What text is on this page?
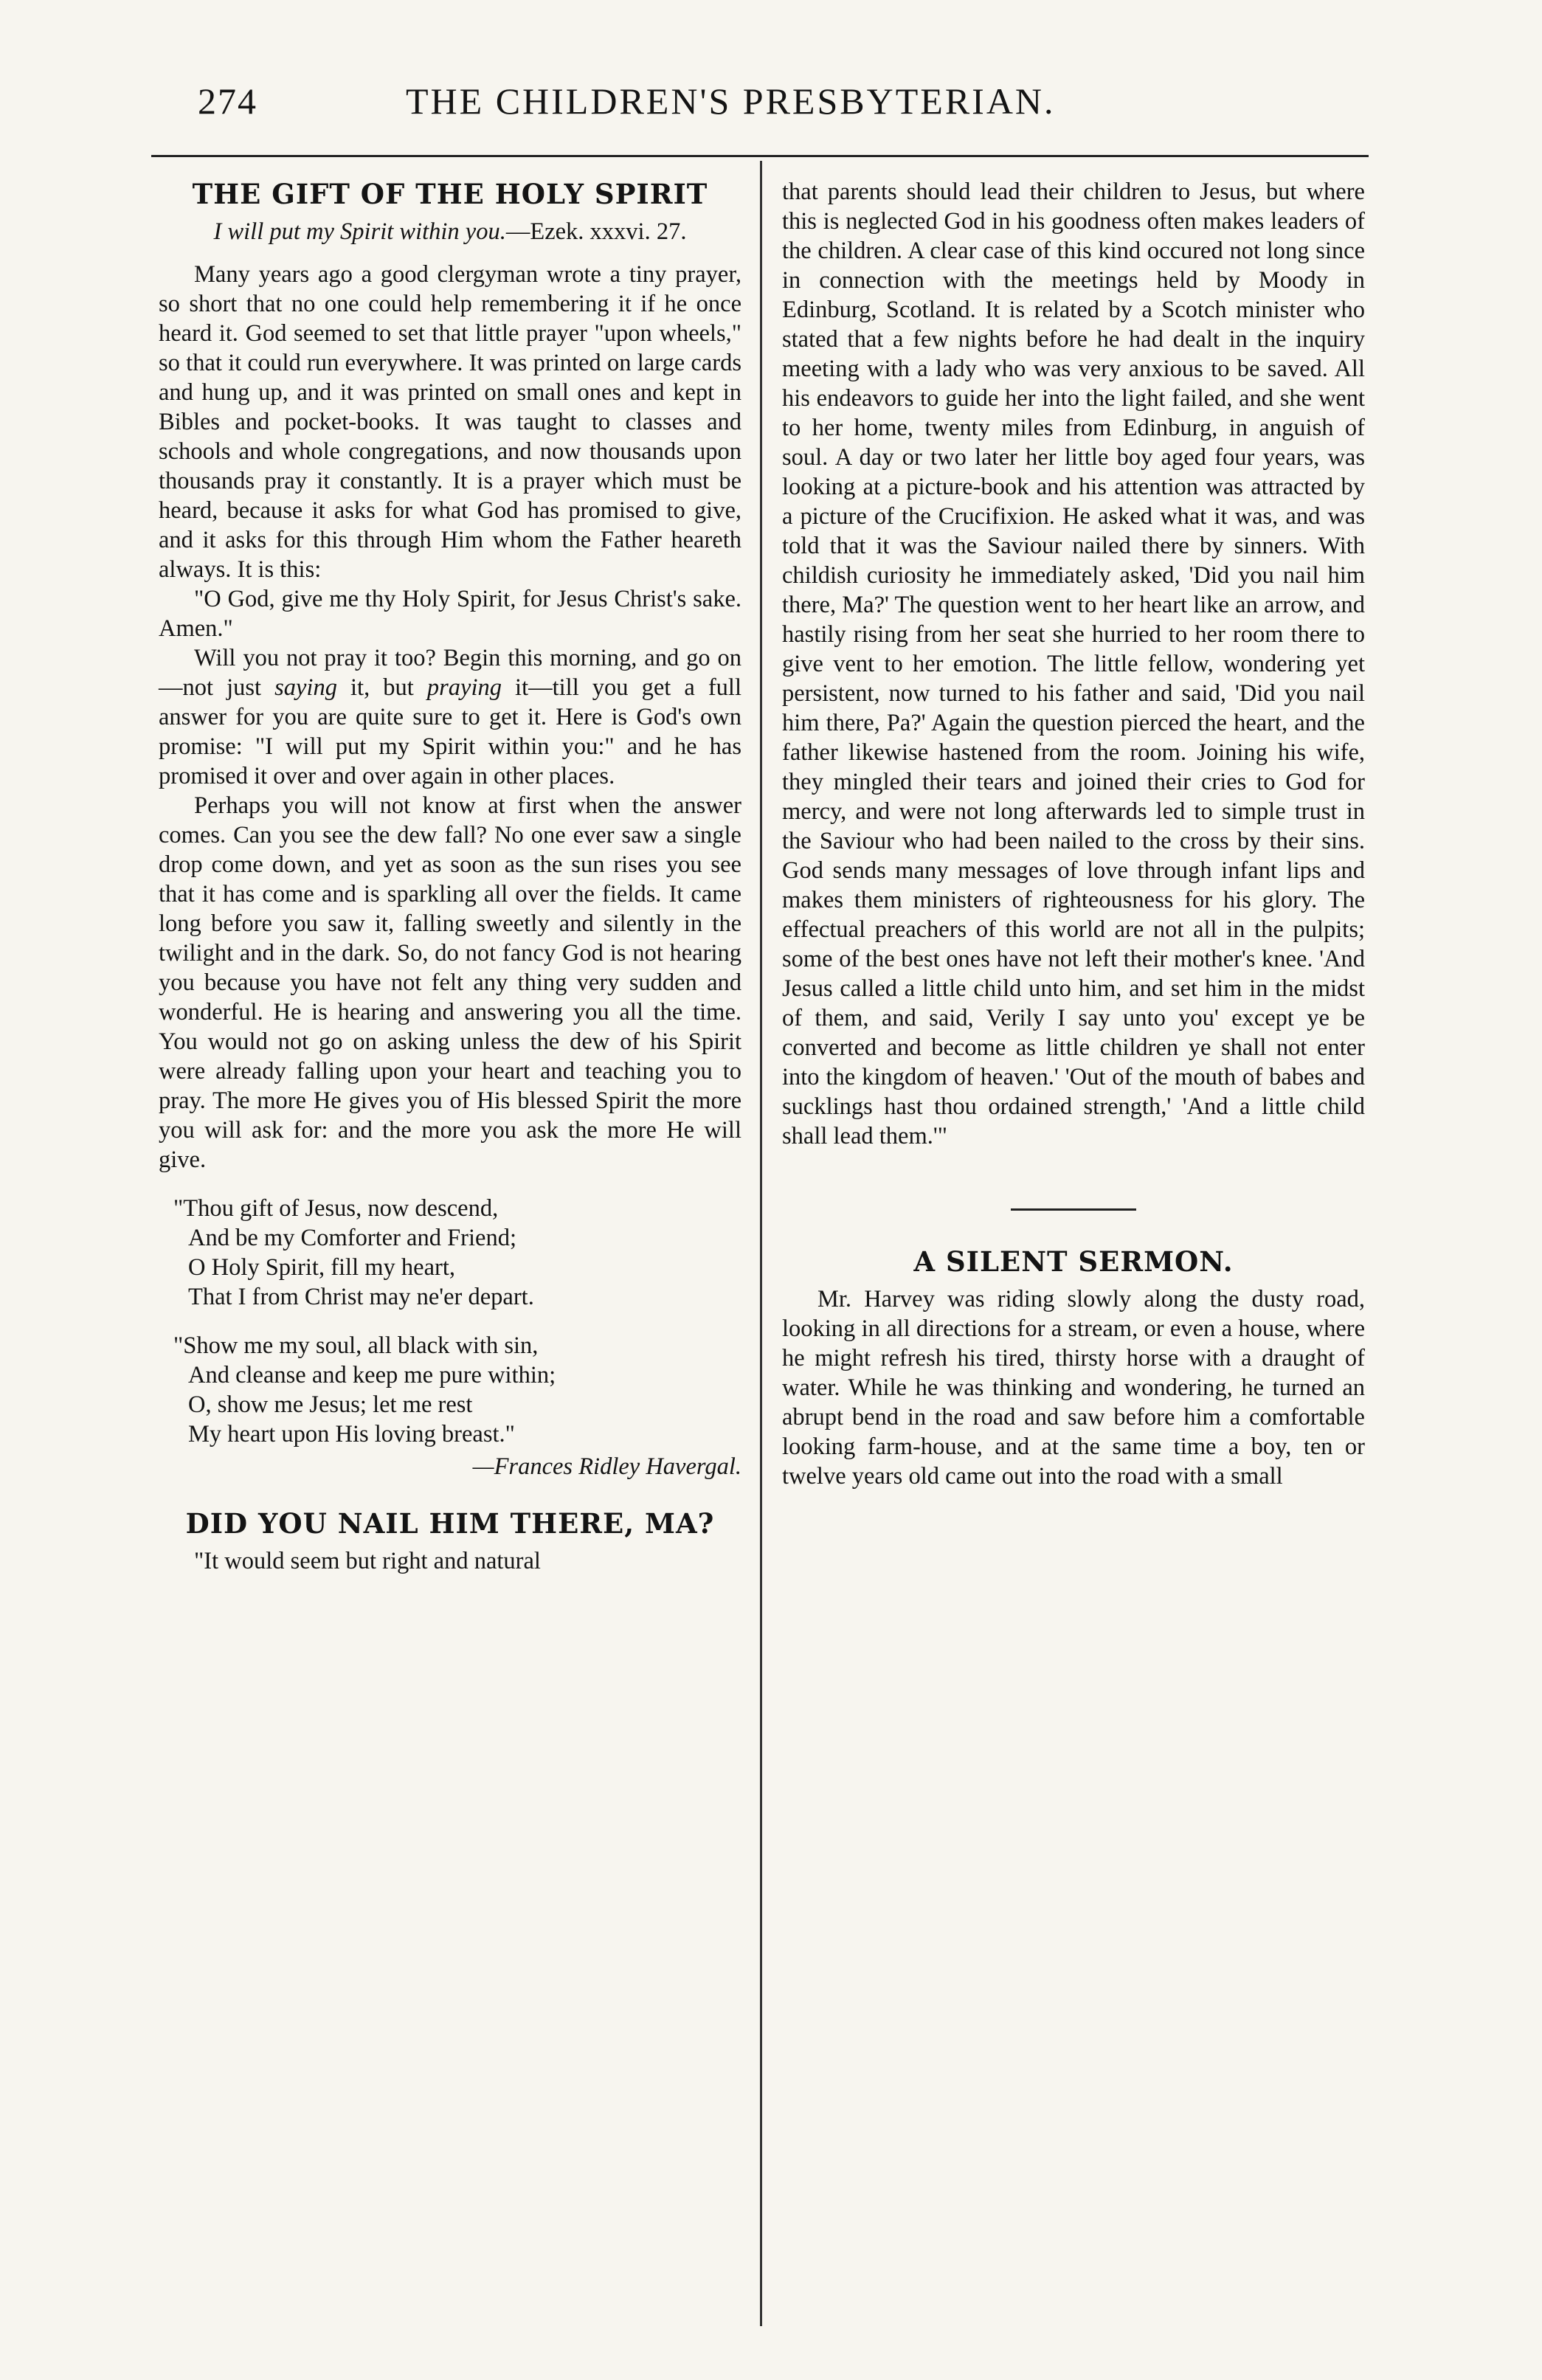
274	THE CHILDREN'S PRESBYTERIAN.
THE GIFT OF THE HOLY SPIRIT
I will put my Spirit within you.—Ezek. xxxvi. 27.

Many years ago a good clergyman wrote a tiny prayer, so short that no one could help remembering it if he once heard it. God seemed to set that little prayer "upon wheels," so that it could run everywhere. It was printed on large cards and hung up, and it was printed on small ones and kept in Bibles and pocket-books. It was taught to classes and schools and whole congregations, and now thousands upon thousands pray it constantly. It is a prayer which must be heard, because it asks for what God has promised to give, and it asks for this through Him whom the Father heareth always. It is this:

"O God, give me thy Holy Spirit, for Jesus Christ's sake. Amen."

Will you not pray it too? Begin this morning, and go on—not just saying it, but praying it—till you get a full answer for you are quite sure to get it. Here is God's own promise: "I will put my Spirit within you:" and he has promised it over and over again in other places.

Perhaps you will not know at first when the answer comes. Can you see the dew fall? No one ever saw a single drop come down, and yet as soon as the sun rises you see that it has come and is sparkling all over the fields. It came long before you saw it, falling sweetly and silently in the twilight and in the dark. So, do not fancy God is not hearing you because you have not felt any thing very sudden and wonderful. He is hearing and answering you all the time. You would not go on asking unless the dew of his Spirit were already falling upon your heart and teaching you to pray. The more He gives you of His blessed Spirit the more you will ask for: and the more you ask the more He will give.

"Thou gift of Jesus, now descend,
And be my Comforter and Friend;
O Holy Spirit, fill my heart,
That I from Christ may ne'er depart.
"Show me my soul, all black with sin,
And cleanse and keep me pure within;
O, show me Jesus; let me rest
My heart upon His loving breast."
—Frances Ridley Havergal.
DID YOU NAIL HIM THERE, MA?

"It would seem but right and natural

that parents should lead their children to Jesus, but where this is neglected God in his goodness often makes leaders of the children. A clear case of this kind occured not long since in connection with the meetings held by Moody in Edinburg, Scotland. It is related by a Scotch minister who stated that a few nights before he had dealt in the inquiry meeting with a lady who was very anxious to be saved. All his endeavors to guide her into the light failed, and she went to her home, twenty miles from Edinburg, in anguish of soul. A day or two later her little boy aged four years, was looking at a picture-book and his attention was attracted by a picture of the Crucifixion. He asked what it was, and was told that it was the Saviour nailed there by sinners. With childish curiosity he immediately asked, 'Did you nail him there, Ma?' The question went to her heart like an arrow, and hastily rising from her seat she hurried to her room there to give vent to her emotion. The little fellow, wondering yet persistent, now turned to his father and said, 'Did you nail him there, Pa?' Again the question pierced the heart, and the father likewise hastened from the room. Joining his wife, they mingled their tears and joined their cries to God for mercy, and were not long afterwards led to simple trust in the Saviour who had been nailed to the cross by their sins. God sends many messages of love through infant lips and makes them ministers of righteousness for his glory. The effectual preachers of this world are not all in the pulpits; some of the best ones have not left their mother's knee. 'And Jesus called a little child unto him, and set him in the midst of them, and said, Verily I say unto you' except ye be converted and become as little children ye shall not enter into the kingdom of heaven.' 'Out of the mouth of babes and sucklings hast thou ordained strength,' 'And a little child shall lead them.'"

A SILENT SERMON.

Mr. Harvey was riding slowly along the dusty road, looking in all directions for a stream, or even a house, where he might refresh his tired, thirsty horse with a draught of water. While he was thinking and wondering, he turned an abrupt bend in the road and saw before him a comfortable looking farm-house, and at the same time a boy, ten or twelve years old came out into the road with a small
